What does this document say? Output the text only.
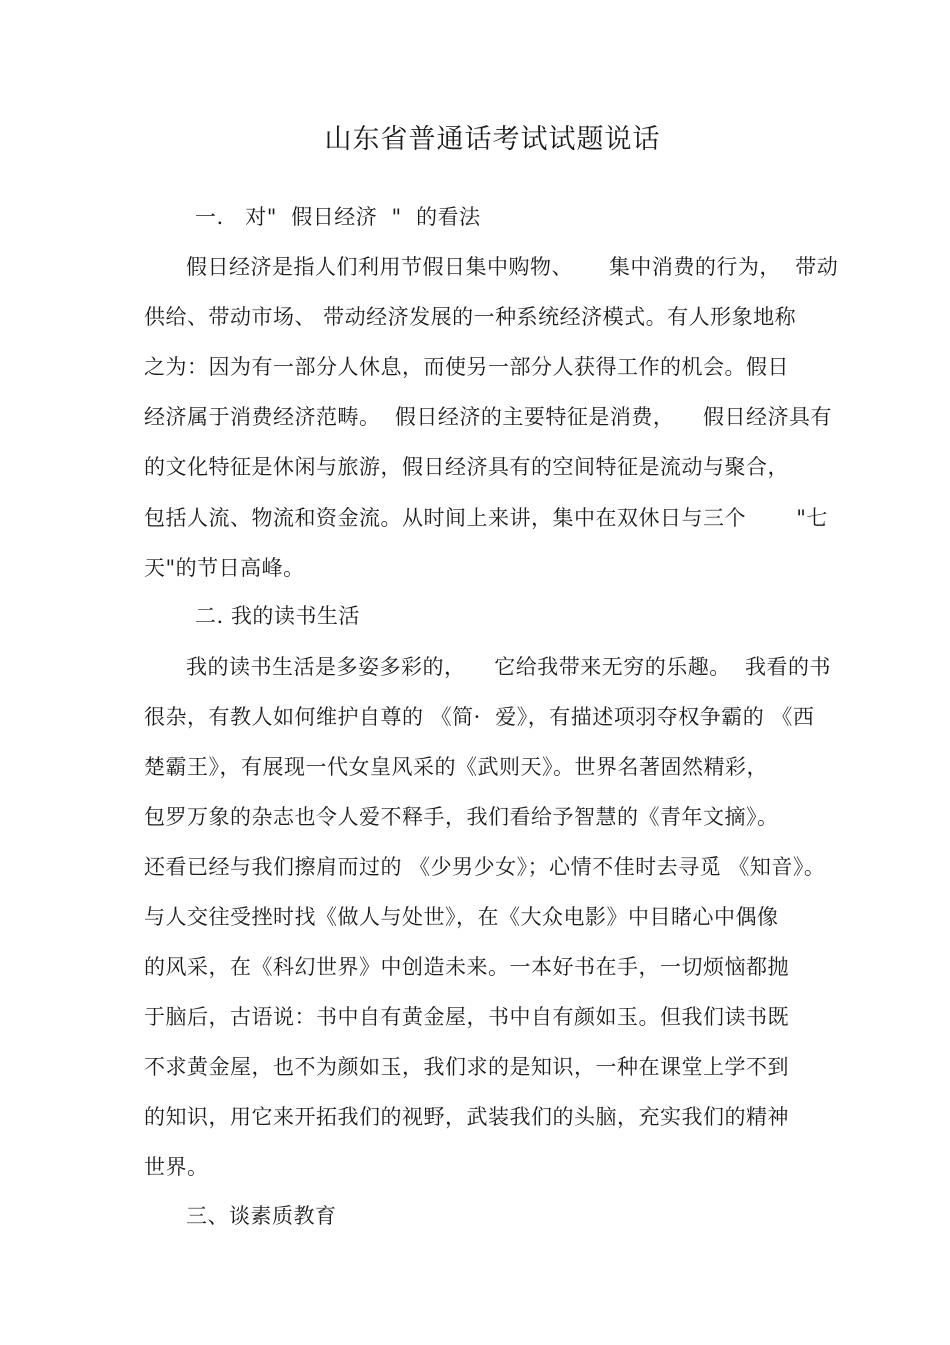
山东省普通话考试试题说话
一.   对"  假日经济  "  的看法

假日经济是指人们利用节假日集中购物、     集中消费的行为，  带动

供给、带动市场、 带动经济发展的一种系统经济模式。有人形象地称

之为：因为有一部分人休息，而使另一部分人获得工作的机会。假日

经济属于消费经济范畴。  假日经济的主要特征是消费，    假日经济具有

的文化特征是休闲与旅游，假日经济具有的空间特征是流动与聚合，

包括人流、物流和资金流。从时间上来讲，集中在双休日与三个       "七

天"的节日高峰。

二. 我的读书生活

我的读书生活是多姿多彩的，    它给我带来无穷的乐趣。  我看的书

很杂，有教人如何维护自尊的 《简·  爱》，有描述项羽夺权争霸的 《西

楚霸王》，有展现一代女皇风采的《武则天》。世界名著固然精彩，

包罗万象的杂志也令人爱不释手，我们看给予智慧的《青年文摘》。

还看已经与我们擦肩而过的 《少男少女》；心情不佳时去寻觅 《知音》。

与人交往受挫时找《做人与处世》，在《大众电影》中目睹心中偶像

的风采，在《科幻世界》中创造未来。一本好书在手，一切烦恼都抛

于脑后，古语说：书中自有黄金屋，书中自有颜如玉。但我们读书既

不求黄金屋，也不为颜如玉，我们求的是知识，一种在课堂上学不到

的知识，用它来开拓我们的视野，武装我们的头脑，充实我们的精神

世界。

三、谈素质教育
